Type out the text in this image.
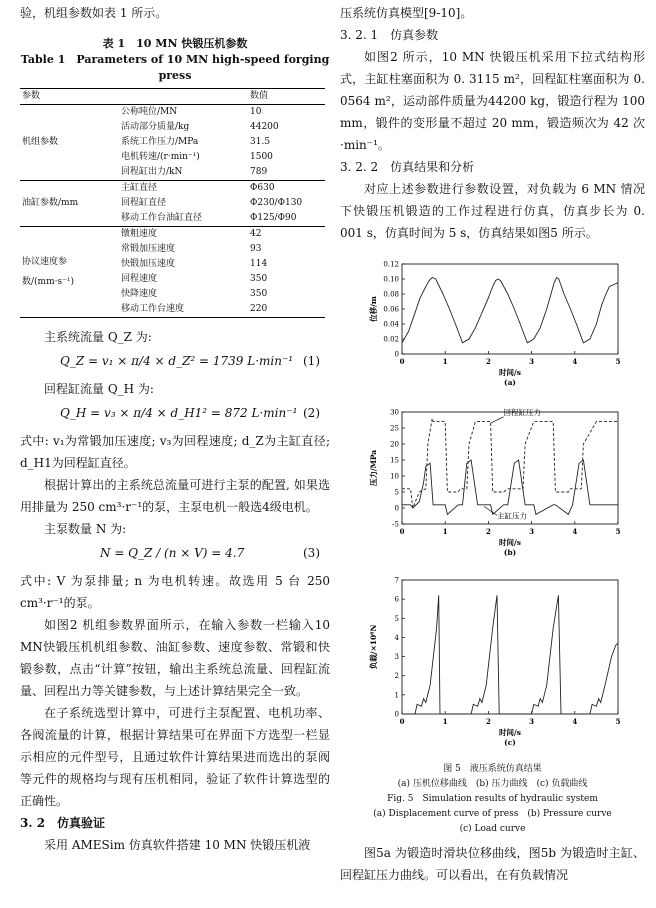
验，机组参数如表 1 所示。

表 1　10 MN 快锻压机参数

Table 1　Parameters of 10 MN high-speed forging press

参数		数值
机组参数	公称吨位/MN	10
	活动部分质量/kg	44200
	系统工作压力/MPa	31.5
	电机转速/(r·min⁻¹)	1500
	回程缸出力/kN	789
油缸参数/mm	主缸直径	Φ630
	回程缸直径	Φ230/Φ130
	移动工作台油缸直径	Φ125/Φ90
协议速度参数/(mm·s⁻¹)	镦粗速度	42
	常锻加压速度	93
	快锻加压速度	114
	回程速度	350
	快降速度	350
	移动工作台速度	220

主系统流量 Q_Z 为:

Q_Z = v₁ × π/4 × d_Z² = 1739 L·min⁻¹ (1)

回程缸流量 Q_H 为:

Q_H = v₃ × π/4 × d_H1² = 872 L·min⁻¹ (2)

式中: v₁为常锻加压速度; v₃为回程速度; d_Z为主缸直径; d_H1为回程缸直径。

根据计算出的主系统总流量可进行主泵的配置, 如果选用排量为 250 cm³·r⁻¹的泵，主泵电机一般选4级电机。

主泵数量 N 为:

N = Q_Z / (n × V) = 4.7	(3)

式中: V 为泵排量; n 为电机转速。故选用 5 台 250 cm³·r⁻¹的泵。

如图2 机组参数界面所示，在输入参数一栏输入10 MN快锻压机机组参数、油缸参数、速度参数、常锻和快锻参数，点击“计算”按钮，输出主系统总流量、回程缸流量、回程出力等关键参数，与上述计算结果完全一致。

在子系统选型计算中，可进行主泵配置、电机功率、各阀流量的计算，根据计算结果可在界面下方选型一栏显示相应的元件型号，且通过软件计算结果进而选出的泵阀等元件的规格均与现有压机相同，验证了软件计算选型的正确性。

3. 2　仿真验证

采用 AMESim 仿真软件搭建 10 MN 快锻压机液

压系统仿真模型[9-10]。

3. 2. 1　仿真参数

如图2 所示，10 MN 快锻压机采用下拉式结构形式，主缸柱塞面积为 0. 3115 m²，回程缸柱塞面积为 0. 0564 m²，运动部件质量为44200 kg，锻造行程为 100 mm，锻件的变形量不超过 20 mm，锻造频次为 42 次·min⁻¹。

3. 2. 2　仿真结果和分析

对应上述参数进行参数设置，对负载为 6 MN 情况下快锻压机锻造的工作过程进行仿真，仿真步长为 0. 001 s，仿真时间为 5 s，仿真结果如图5 所示。

0	1	2	3	4	5
0
0.02
0.04
0.06
0.08
0.10
0.12
时间/s
位移/m
(a)
0	1	2	3	4	5
-5
0
5
10
15
20
25
30
时间/s
压力/MPa
(b)
回程缸压力
主缸压力
0	1	2	3	4	5
0
1
2
3
4
5
6
7
时间/s
负载/×10⁶N
(c)

图 5　液压系统仿真结果

(a) 压机位移曲线　(b) 压力曲线　(c) 负载曲线

Fig. 5　Simulation results of hydraulic system

(a) Displacement curve of press　(b) Pressure curve

(c) Load curve

图5a 为锻造时滑块位移曲线，图5b 为锻造时主缸、回程缸压力曲线。可以看出，在有负载情况
